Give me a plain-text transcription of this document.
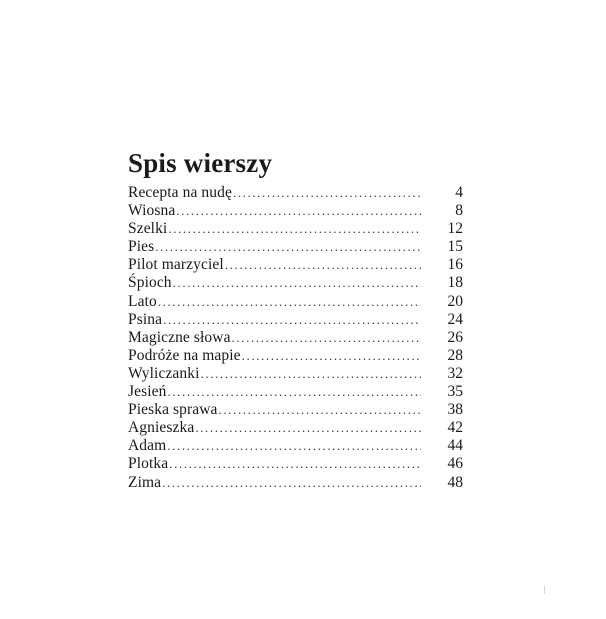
Spis wierszy
Recepta na nudę .....	4
Wiosna .....	8
Szelki .....	12
Pies .....	15
Pilot marzyciel .....	16
Śpioch .....	18
Lato .....	20
Psina .....	24
Magiczne słowa .....	26
Podróże na mapie .....	28
Wyliczanki .....	32
Jesień .....	35
Pieska sprawa .....	38
Agnieszka .....	42
Adam .....	44
Plotka .....	46
Zima .....	48
